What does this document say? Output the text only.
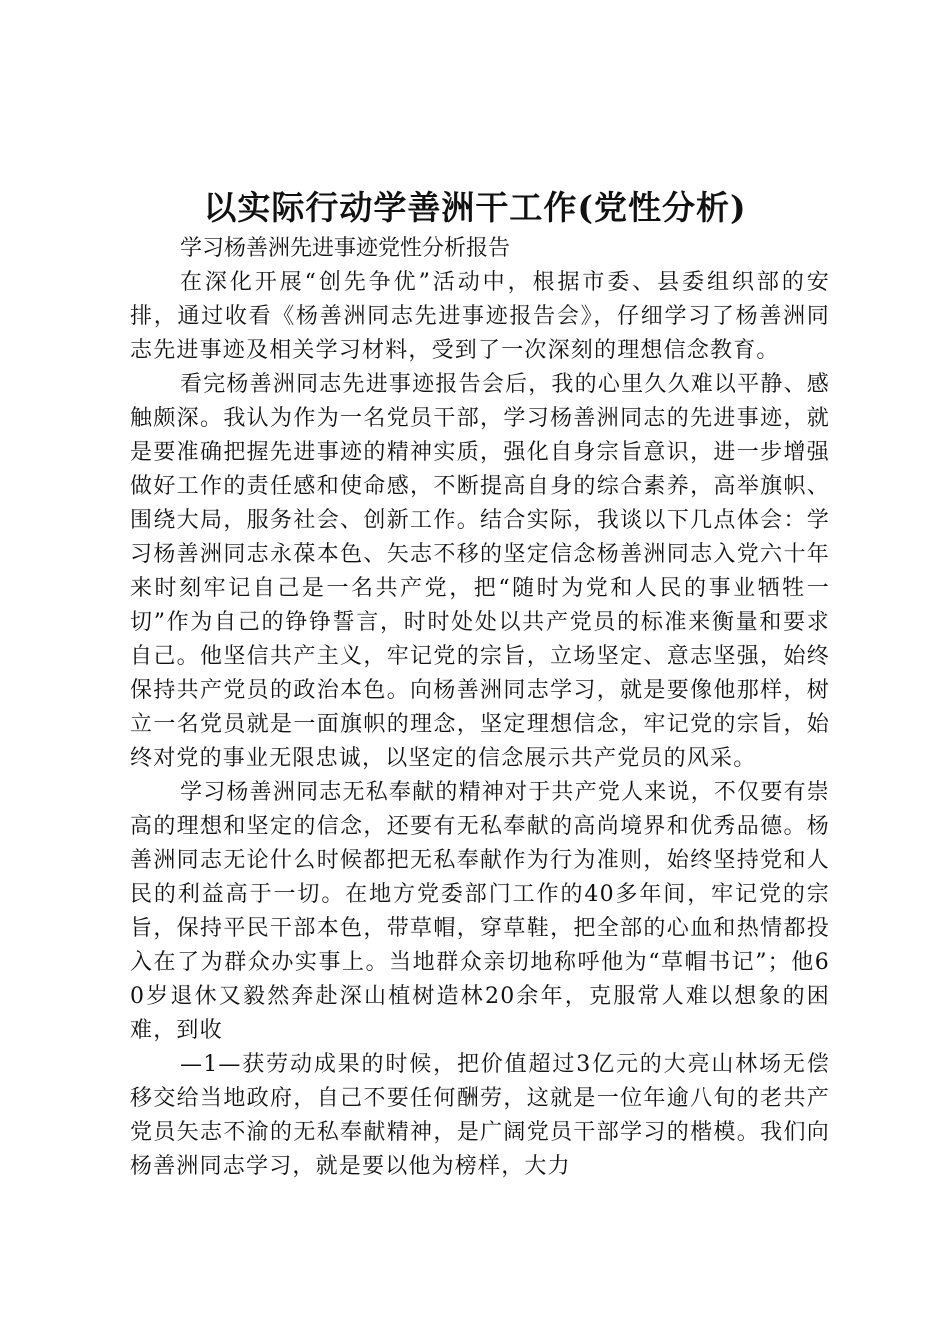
以实际行动学善洲干工作(党性分析)
学习杨善洲先进事迹党性分析报告

在深化开展“创先争优”活动中，根据市委、县委组织部的安排，通过收看《杨善洲同志先进事迹报告会》，仔细学习了杨善洲同志先进事迹及相关学习材料，受到了一次深刻的理想信念教育。

看完杨善洲同志先进事迹报告会后，我的心里久久难以平静、感触颇深。我认为作为一名党员干部，学习杨善洲同志的先进事迹，就是要准确把握先进事迹的精神实质，强化自身宗旨意识，进一步增强做好工作的责任感和使命感，不断提高自身的综合素养，高举旗帜、围绕大局，服务社会、创新工作。结合实际，我谈以下几点体会：学习杨善洲同志永葆本色、矢志不移的坚定信念杨善洲同志入党六十年来时刻牢记自己是一名共产党，把“随时为党和人民的事业牺牲一切”作为自己的铮铮誓言，时时处处以共产党员的标准来衡量和要求自己。他坚信共产主义，牢记党的宗旨，立场坚定、意志坚强，始终保持共产党员的政治本色。向杨善洲同志学习，就是要像他那样，树立一名党员就是一面旗帜的理念，坚定理想信念，牢记党的宗旨，始终对党的事业无限忠诚，以坚定的信念展示共产党员的风采。

学习杨善洲同志无私奉献的精神对于共产党人来说，不仅要有崇高的理想和坚定的信念，还要有无私奉献的高尚境界和优秀品德。杨善洲同志无论什么时候都把无私奉献作为行为准则，始终坚持党和人民的利益高于一切。在地方党委部门工作的40多年间，牢记党的宗旨，保持平民干部本色，带草帽，穿草鞋，把全部的心血和热情都投入在了为群众办实事上。当地群众亲切地称呼他为“草帽书记”；他60岁退休又毅然奔赴深山植树造林20余年，克服常人难以想象的困难，到收

—1—获劳动成果的时候，把价值超过3亿元的大亮山林场无偿移交给当地政府，自己不要任何酬劳，这就是一位年逾八旬的老共产党员矢志不渝的无私奉献精神，是广阔党员干部学习的楷模。我们向杨善洲同志学习，就是要以他为榜样，大力
